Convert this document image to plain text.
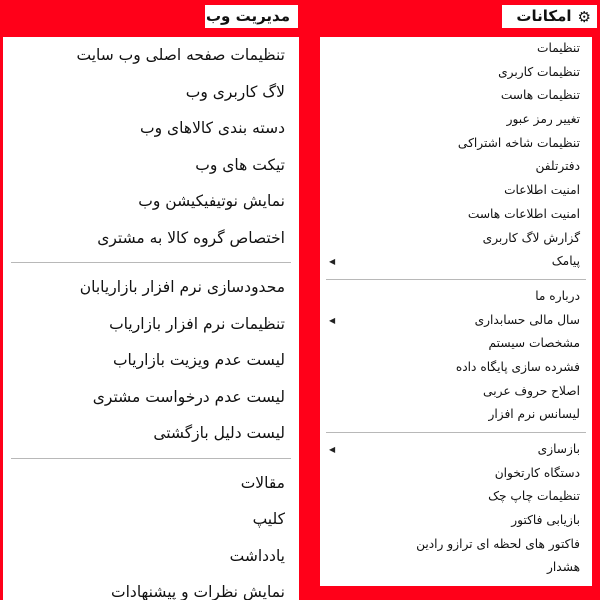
⚙امکانات
مدیریت وب
تنظیمات
تنظیمات کاربری
تنظیمات هاست
تغییر رمز عبور
تنظیمات شاخه اشتراکی
دفترتلفن
امنیت اطلاعات
امنیت اطلاعات هاست
گزارش لاگ کاربری
پیامک
◀
درباره ما
سال مالی حسابداری
◀
مشخصات سیستم
فشرده سازی پایگاه داده
اصلاح حروف عربی
لیسانس نرم افزار
بازسازی
◀
دستگاه کارتخوان
تنظیمات چاپ چک
بازیابی فاکتور
فاکتور های لحظه ای ترازو رادین
هشدار
تنظیمات صفحه اصلی وب سایت
لاگ کاربری وب
دسته بندی کالاهای وب
تیکت های وب
نمایش نوتیفیکیشن وب
اختصاص گروه کالا به مشتری
محدودسازی نرم افزار بازاریابان
تنظیمات نرم افزار بازاریاب
لیست عدم ویزیت بازاریاب
لیست عدم درخواست مشتری
لیست دلیل بازگشتی
مقالات
کلیپ
یادداشت
نمایش نظرات و پیشنهادات
